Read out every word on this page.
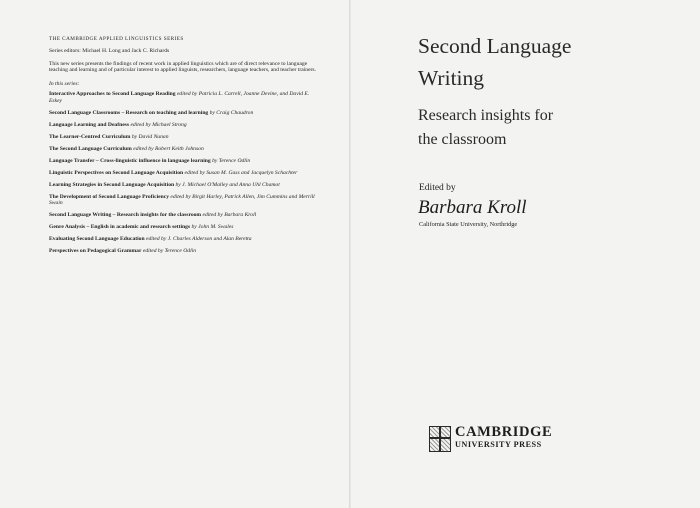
THE CAMBRIDGE APPLIED LINGUISTICS SERIES

Series editors: Michael H. Long and Jack C. Richards

This new series presents the findings of recent work in applied linguistics which are of direct relevance to language teaching and learning and of particular interest to applied linguists, researchers, language teachers, and teacher trainers.

In this series:

Interactive Approaches to Second Language Reading edited by Patricia L. Carrell, Joanne Devine, and David E. Eskey
Second Language Classrooms – Research on teaching and learning by Craig Chaudron
Language Learning and Deafness edited by Michael Strong
The Learner-Centred Curriculum by David Nunan
The Second Language Curriculum edited by Robert Keith Johnson
Language Transfer – Cross-linguistic influence in language learning by Terence Odlin
Linguistic Perspectives on Second Language Acquisition edited by Susan M. Gass and Jacquelyn Schachter
Learning Strategies in Second Language Acquisition by J. Michael O'Malley and Anna Uhl Chamot
The Development of Second Language Proficiency edited by Birgit Harley, Patrick Allen, Jim Cummins and Merrill Swain
Second Language Writing – Research insights for the classroom edited by Barbara Kroll
Genre Analysis – English in academic and research settings by John M. Swales
Evaluating Second Language Education edited by J. Charles Alderson and Alan Beretta
Perspectives on Pedagogical Grammar edited by Terence Odlin
Second Language
Writing
Research insights for
the classroom

Edited by

Barbara Kroll

California State University, Northridge

CAMBRIDGE
UNIVERSITY PRESS
